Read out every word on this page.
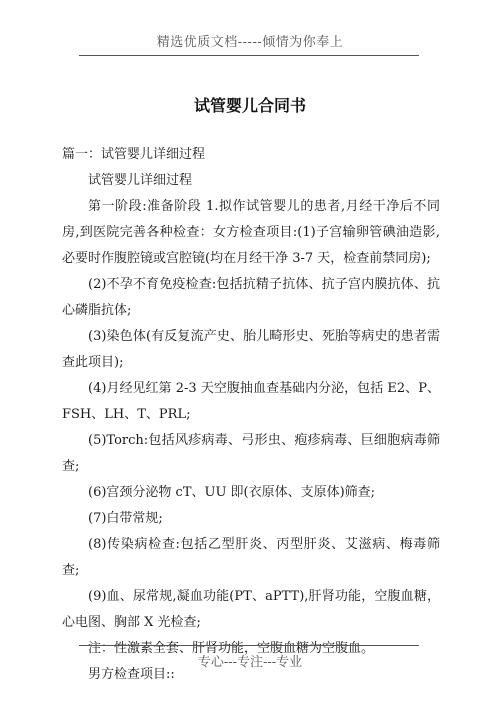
精选优质文档-----倾情为你奉上
试管婴儿合同书

篇一：试管婴儿详细过程

试管婴儿详细过程

第一阶段:准备阶段 1.拟作试管婴儿的患者,月经干净后不同房,到医院完善各种检查：女方检查项目:(1)子宫输卵管碘油造影,必要时作腹腔镜或宫腔镜(均在月经干净 3-7 天，检查前禁同房);

(2)不孕不育免疫检查:包括抗精子抗体、抗子宫内膜抗体、抗心磷脂抗体;

(3)染色体(有反复流产史、胎儿畸形史、死胎等病史的患者需查此项目);

(4)月经见红第 2-3 天空腹抽血查基础内分泌，包括 E2、P、FSH、LH、T、PRL;

(5)Torch:包括风疹病毒、弓形虫、疱疹病毒、巨细胞病毒筛查;

(6)宫颈分泌物 cT、UU 即(衣原体、支原体)筛查;

(7)白带常规;

(8)传染病检查:包括乙型肝炎、丙型肝炎、艾滋病、梅毒筛查;

(9)血、尿常规,凝血功能(PT、aPTT),肝肾功能，空腹血糖，心电图、胸部 X 光检查;

注：性激素全套、肝肾功能，空腹血糖为空腹血。

男方检查项目::

专心---专注---专业
